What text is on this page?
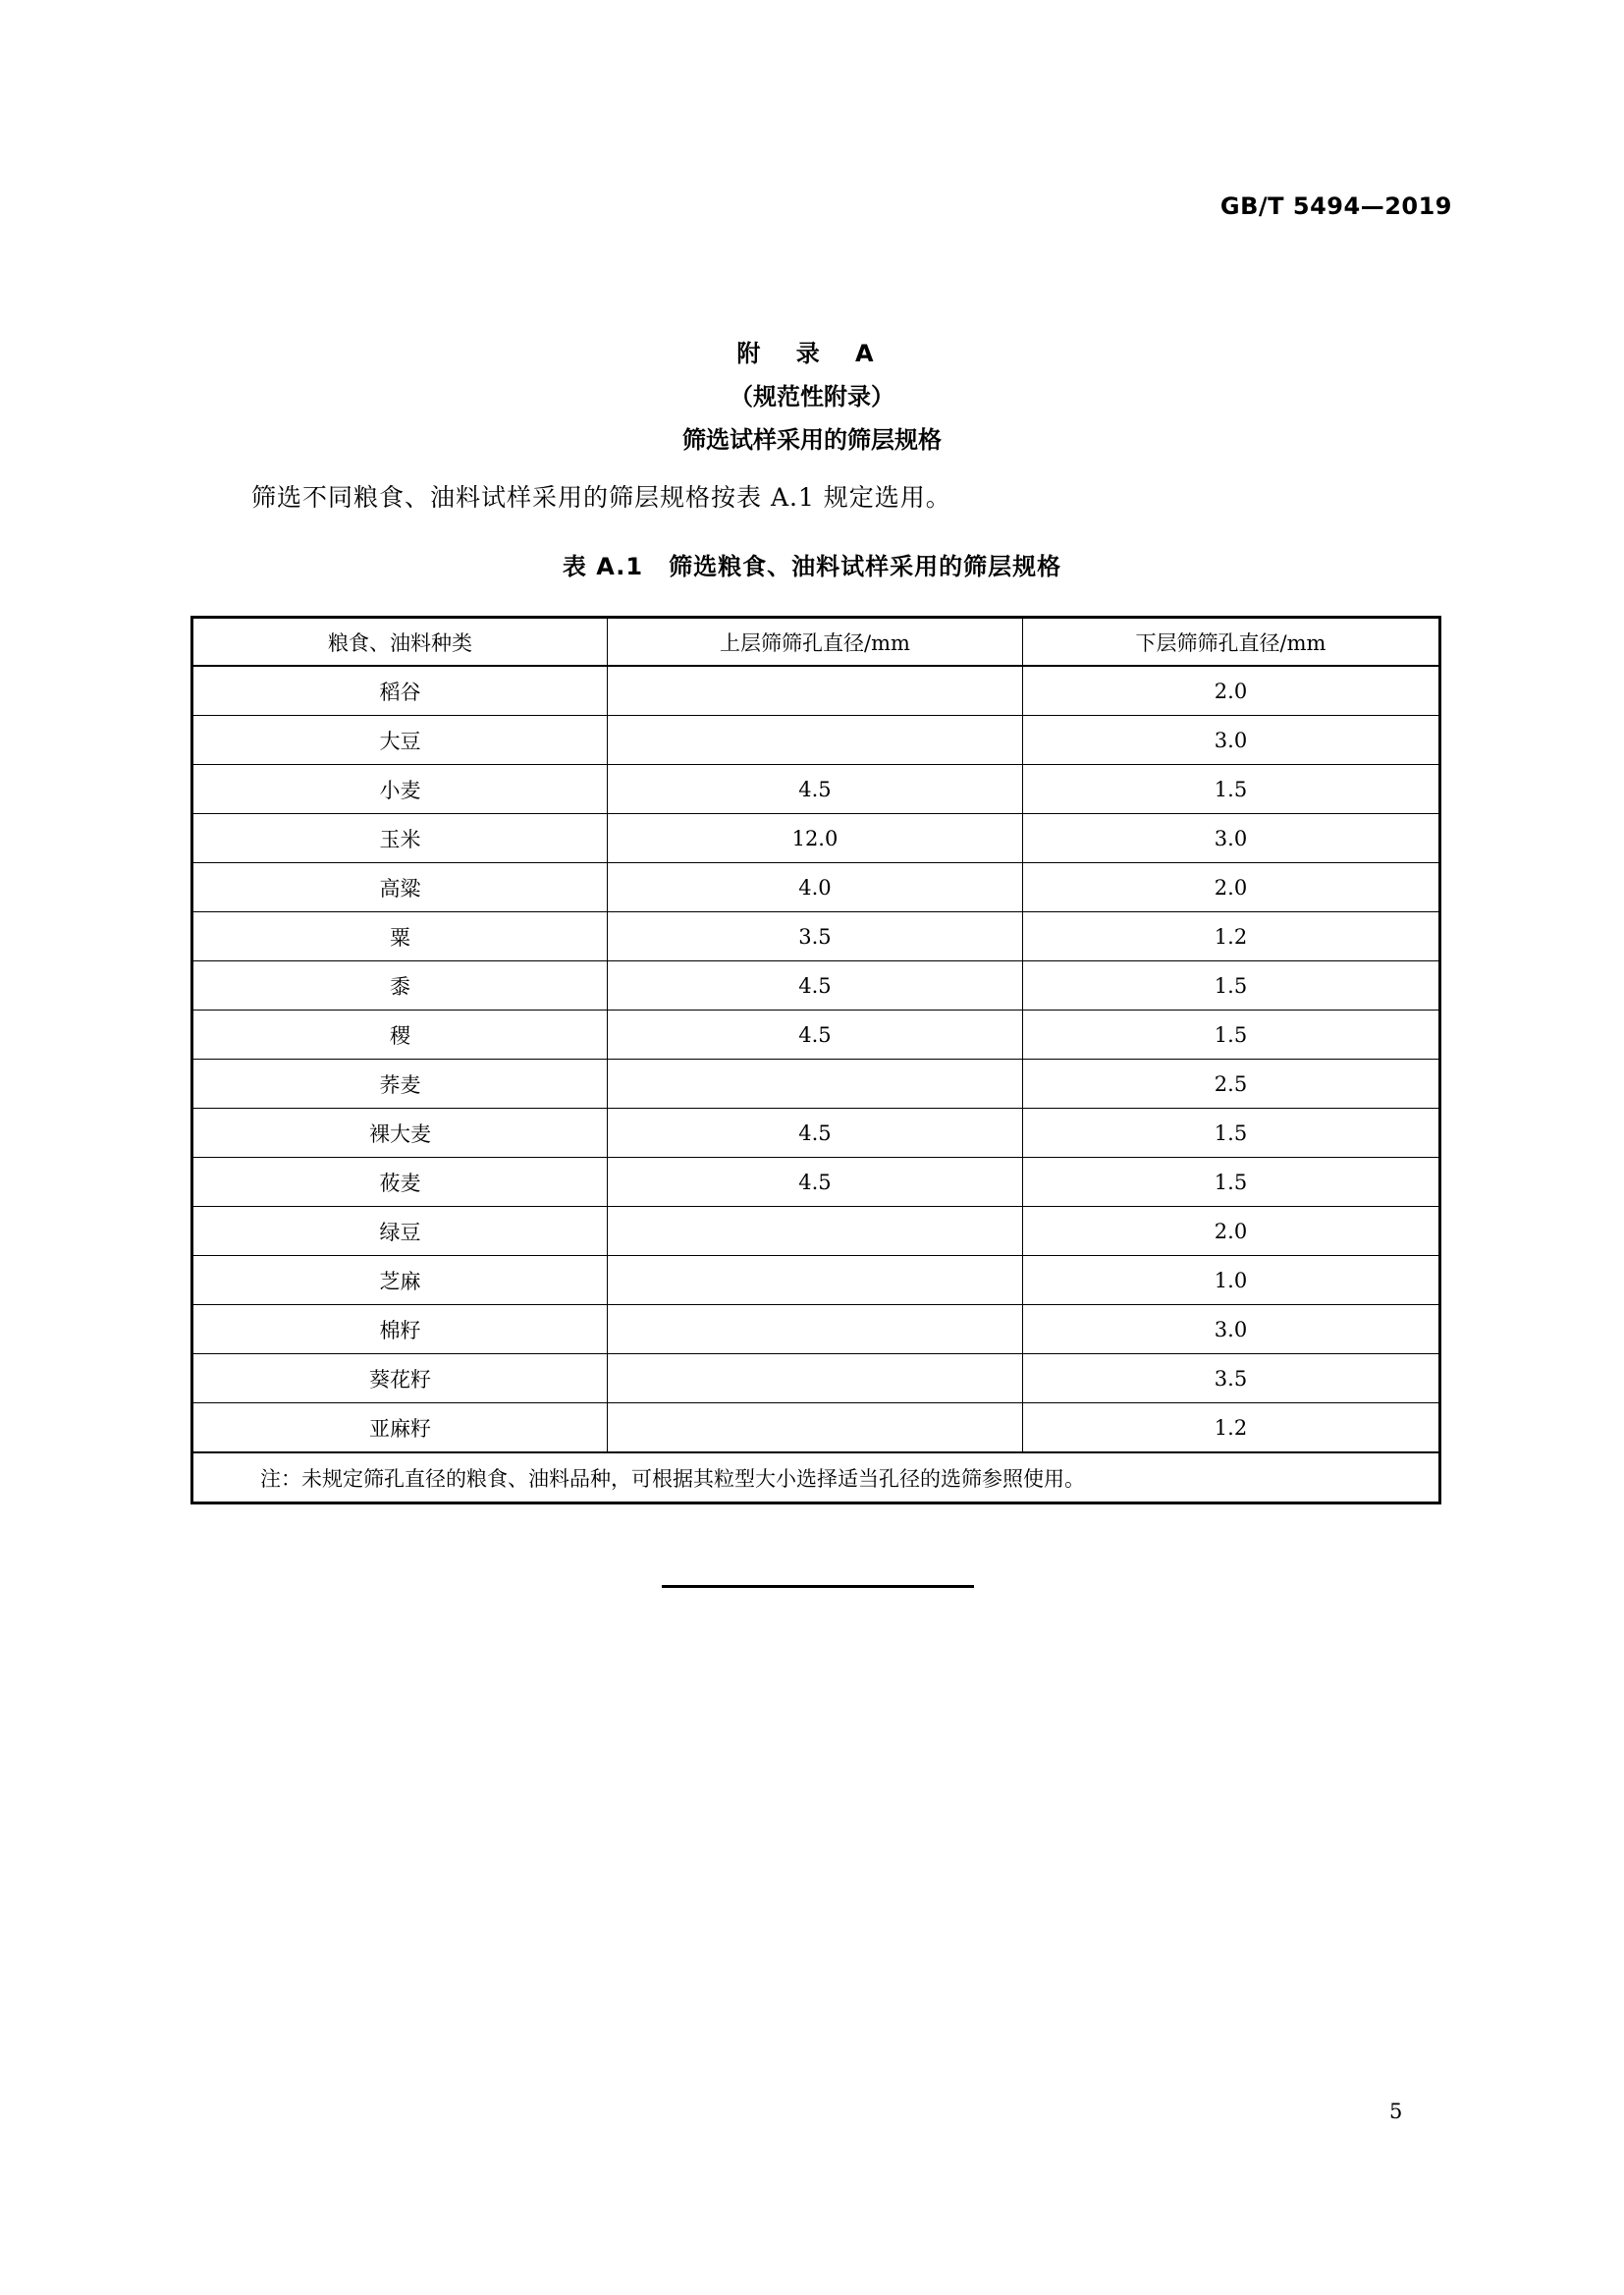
GB/T 5494—2019
附 录 A
（规范性附录）
筛选试样采用的筛层规格
筛选不同粮食、油料试样采用的筛层规格按表 A.1 规定选用。
表 A.1 筛选粮食、油料试样采用的筛层规格
粮食、油料种类	上层筛筛孔直径/mm	下层筛筛孔直径/mm
稻谷		2.0
大豆		3.0
小麦	4.5	1.5
玉米	12.0	3.0
高粱	4.0	2.0
粟	3.5	1.2
黍	4.5	1.5
稷	4.5	1.5
荞麦		2.5
裸大麦	4.5	1.5
莜麦	4.5	1.5
绿豆		2.0
芝麻		1.0
棉籽		3.0
葵花籽		3.5
亚麻籽		1.2
注：未规定筛孔直径的粮食、油料品种，可根据其粒型大小选择适当孔径的选筛参照使用。		
5
